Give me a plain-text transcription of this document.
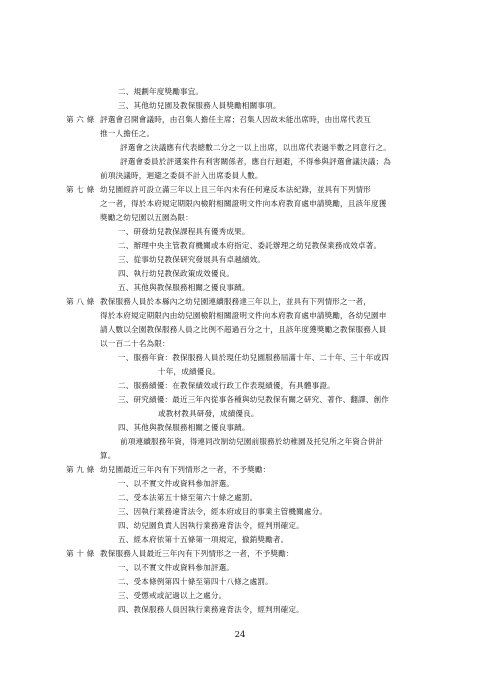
二、規劃年度獎勵事宜。
三、其他幼兒園及教保服務人員獎勵相關事項。
第 六 條 評選會召開會議時，由召集人擔任主席；召集人因故未能出席時，由出席代表互
推一人擔任之。
評選會之決議應有代表總數二分之一以上出席，以出席代表過半數之同意行之。
評選會委員於評選案件有利害關係者，應自行迴避，不得參與評選會議決議；為
前項決議時，迴避之委員不計入出席委員人數。
第 七 條 幼兒園經許可設立滿三年以上且三年內未有任何違反本法紀錄，並具有下列情形
之一者，得於本府規定期限內檢附相關證明文件向本府教育處申請獎勵，且該年度獲
獎勵之幼兒園以五園為限：
一、研發幼兒教保課程具有優秀成果。
二、辦理中央主管教育機關或本府指定、委託辦理之幼兒教保業務成效卓著。
三、從事幼兒教保研究發展具有卓越績效。
四、執行幼兒教保政策成效優良。
五、其他與教保服務相關之優良事蹟。
第 八 條 教保服務人員於本縣內之幼兒園連續服務達三年以上，並具有下列情形之一者，
得於本府規定期限內由幼兒園檢附相關證明文件向本府教育處申請獎勵，各幼兒園申
請人數以全園教保服務人員之比例不超過百分之十，且該年度獲獎勵之教保服務人員
以一百二十名為限：
一、服務年資：教保服務人員於現任幼兒園服務屆滿十年、二十年、三十年或四
十年，成績優良。
二、服務績優：在教保績效或行政工作表現績優，有具體事證。
三、研究績優：最近三年內從事各種與幼兒教保有關之研究、著作、翻譯、創作
或教材教具研發，成績優良。
四、其他與教保服務相關之優良事蹟。
前項連續服務年資，得連同改制幼兒園前服務於幼稚園及托兒所之年資合併計
算。
第 九 條 幼兒園最近三年內有下列情形之一者，不予獎勵：
一、以不實文件或資料參加評選。
二、受本法第五十條至第六十條之處罰。
三、因執行業務違背法令，經本府或目的事業主管機關處分。
四、幼兒園負責人因執行業務違背法令，經判刑確定。
五、經本府依第十五條第一項規定，撤銷獎勵者。
第 十 條 教保服務人員最近三年內有下列情形之一者，不予獎勵：
一、以不實文件或資料參加評選。
二、受本條例第四十條至第四十八條之處罰。
三、受懲戒或記過以上之處分。
四、教保服務人員因執行業務違背法令，經判刑確定。
24
